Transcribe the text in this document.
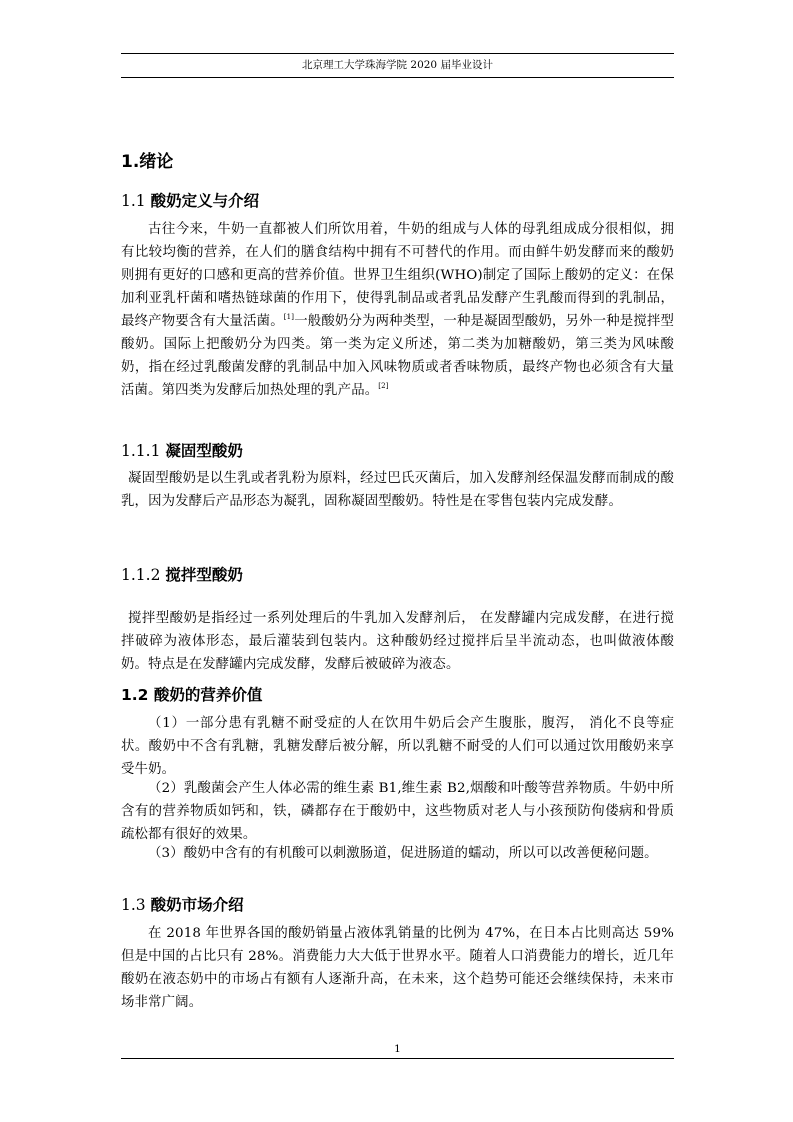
北京理工大学珠海学院 2020 届毕业设计
1.绪论
1.1 酸奶定义与介绍
古往今来，牛奶一直都被人们所饮用着，牛奶的组成与人体的母乳组成成分很相似，拥有比较均衡的营养，在人们的膳食结构中拥有不可替代的作用。而由鲜牛奶发酵而来的酸奶则拥有更好的口感和更高的营养价值。世界卫生组织(WHO)制定了国际上酸奶的定义：在保加利亚乳杆菌和嗜热链球菌的作用下，使得乳制品或者乳品发酵产生乳酸而得到的乳制品，最终产物要含有大量活菌。[1]一般酸奶分为两种类型，一种是凝固型酸奶，另外一种是搅拌型酸奶。国际上把酸奶分为四类。第一类为定义所述，第二类为加糖酸奶，第三类为风味酸奶，指在经过乳酸菌发酵的乳制品中加入风味物质或者香味物质，最终产物也必须含有大量活菌。第四类为发酵后加热处理的乳产品。[2]
1.1.1 凝固型酸奶
凝固型酸奶是以生乳或者乳粉为原料，经过巴氏灭菌后，加入发酵剂经保温发酵而制成的酸乳，因为发酵后产品形态为凝乳，固称凝固型酸奶。特性是在零售包装内完成发酵。
1.1.2 搅拌型酸奶
搅拌型酸奶是指经过一系列处理后的牛乳加入发酵剂后， 在发酵罐内完成发酵，在进行搅拌破碎为液体形态，最后灌装到包装内。这种酸奶经过搅拌后呈半流动态，也叫做液体酸奶。特点是在发酵罐内完成发酵，发酵后被破碎为液态。
1.2 酸奶的营养价值
（1）一部分患有乳糖不耐受症的人在饮用牛奶后会产生腹胀，腹泻， 消化不良等症状。酸奶中不含有乳糖，乳糖发酵后被分解，所以乳糖不耐受的人们可以通过饮用酸奶来享受牛奶。
（2）乳酸菌会产生人体必需的维生素 B1,维生素 B2,烟酸和叶酸等营养物质。牛奶中所含有的营养物质如钙和，铁，磷都存在于酸奶中，这些物质对老人与小孩预防佝偻病和骨质疏松都有很好的效果。
（3）酸奶中含有的有机酸可以刺激肠道，促进肠道的蠕动，所以可以改善便秘问题。
1.3 酸奶市场介绍
在 2018 年世界各国的酸奶销量占液体乳销量的比例为 47%，在日本占比则高达 59%但是中国的占比只有 28%。消费能力大大低于世界水平。随着人口消费能力的增长，近几年酸奶在液态奶中的市场占有额有人逐渐升高，在未来，这个趋势可能还会继续保持，未来市场非常广阔。
1
